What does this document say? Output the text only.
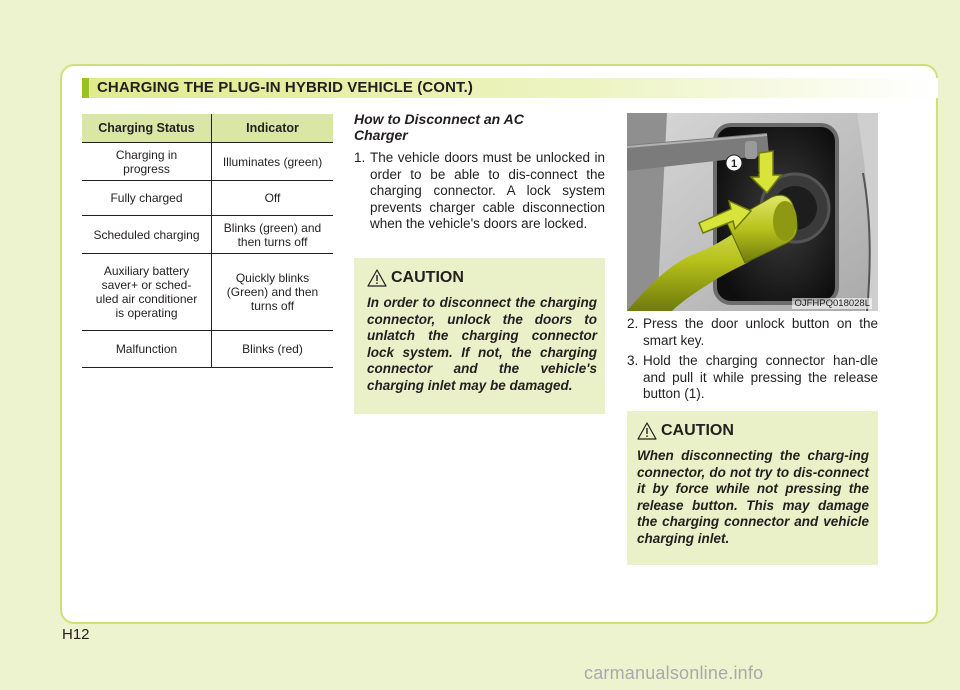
CHARGING THE PLUG-IN HYBRID VEHICLE (CONT.)
Charging Status	Indicator
Charging in
progress	Illuminates (green)
Fully charged	Off
Scheduled charging	Blinks (green) and
then turns off
Auxiliary battery
saver+ or sched-
uled air conditioner
is operating	Quickly blinks
(Green) and then
turns off
Malfunction	Blinks (red)
How to Disconnect an AC
Charger
1. The vehicle doors must be unlocked in order to be able to dis-connect the charging connector. A lock system prevents charger cable disconnection when the vehicle's doors are locked.
CAUTION
In order to disconnect the charging connector, unlock the doors to unlatch the charging connector lock system. If not, the charging connector and the vehicle's charging inlet may be damaged.
1
OJFHPQ018028L
2. Press the door unlock button on the smart key.
3. Hold the charging connector han-dle and pull it while pressing the release button (1).
CAUTION
When disconnecting the charg-ing connector, do not try to dis-connect it by force while not pressing the release button. This may damage the charging connector and vehicle charging inlet.
H12
carmanualsonline.info
